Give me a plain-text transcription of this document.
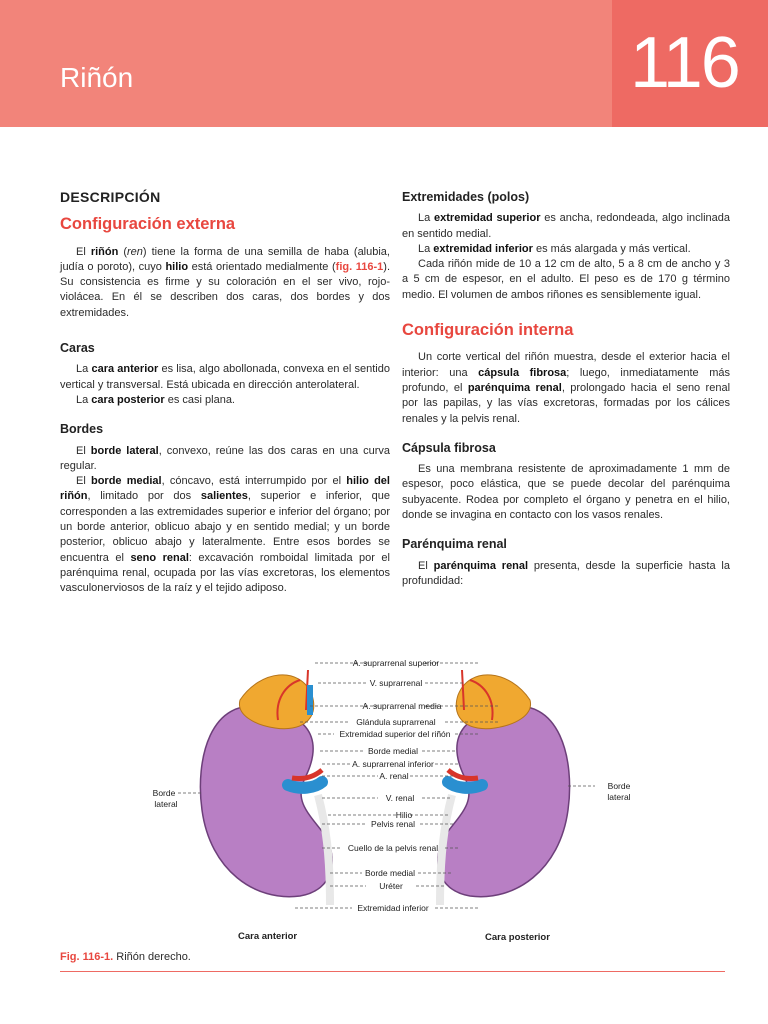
Riñón	116
DESCRIPCIÓN
Configuración externa

El riñón (ren) tiene la forma de una semilla de haba (alubia, judía o poroto), cuyo hilio está orientado medialmente (fig. 116-1). Su consistencia es firme y su coloración en el ser vivo, rojo-violácea. En él se describen dos caras, dos bordes y dos extremidades.

Caras

La cara anterior es lisa, algo abollonada, convexa en el sentido vertical y transversal. Está ubicada en dirección anterolateral.

La cara posterior es casi plana.

Bordes

El borde lateral, convexo, reúne las dos caras en una curva regular.

El borde medial, cóncavo, está interrumpido por el hilio del riñón, limitado por dos salientes, superior e inferior, que corresponden a las extremidades superior e inferior del órgano; por un borde anterior, oblicuo abajo y en sentido medial; y un borde posterior, oblicuo abajo y lateralmente. Entre esos bordes se encuentra el seno renal: excavación romboidal limitada por el parénquima renal, ocupada por las vías excretoras, los elementos vasculonerviosos de la raíz y el tejido adiposo.

Extremidades (polos)

La extremidad superior es ancha, redondeada, algo inclinada en sentido medial.

La extremidad inferior es más alargada y más vertical.

Cada riñón mide de 10 a 12 cm de alto, 5 a 8 cm de ancho y 3 a 5 cm de espesor, en el adulto. El peso es de 170 g término medio. El volumen de ambos riñones es sensiblemente igual.

Configuración interna

Un corte vertical del riñón muestra, desde el exterior hacia el interior: una cápsula fibrosa; luego, inmediatamente más profundo, el parénquima renal, prolongado hacia el seno renal por las papilas, y las vías excretoras, formadas por los cálices renales y la pelvis renal.

Cápsula fibrosa

Es una membrana resistente de aproximadamente 1 mm de espesor, poco elástica, que se puede decolar del parénquima subyacente. Rodea por completo el órgano y penetra en el hilio, donde se invagina en contacto con los vasos renales.

Parénquima renal

El parénquima renal presenta, desde la superficie hasta la profundidad:

A. suprarrenal superior
V. suprarrenal
A. suprarrenal media
Glándula suprarrenal
Extremidad superior del riñón
Borde medial
A. suprarrenal inferior
A. renal
V. renal
Hilio
Pelvis renal
Cuello de la pelvis renal
Borde medial
Uréter
Extremidad inferior
Borde
lateral
Borde
lateral
Cara anterior	Cara posterior
Fig. 116-1. Riñón derecho.
